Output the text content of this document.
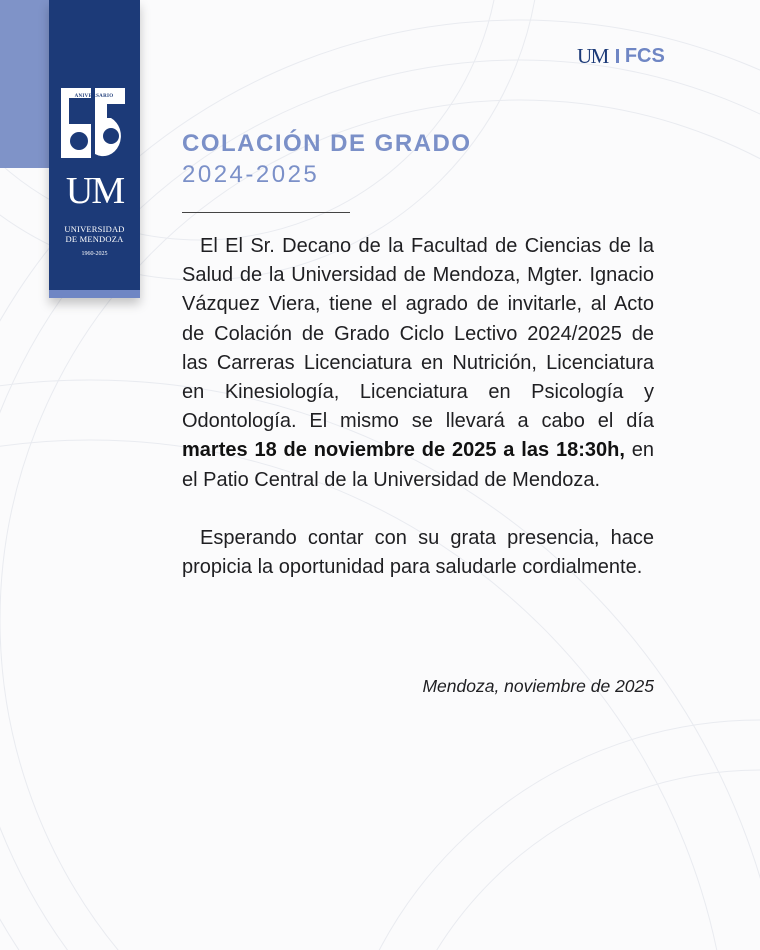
ANIVERSARIO
UM
UNIVERSIDAD
DE MENDOZA
1960-2025
UM FCS
COLACIÓN DE GRADO
2024-2025

El El Sr. Decano de la Facultad de Ciencias de la Salud de la Universidad de Mendoza, Mgter. Ignacio Vázquez Viera, tiene el agrado de invitarle, al Acto de Colación de Grado Ciclo Lectivo 2024/2025 de las Carreras Licenciatura en Nutrición, Licenciatura en Kinesiología, Licenciatura en Psicología y Odontología. El mismo se llevará a cabo el día martes 18 de noviembre de 2025 a las 18:30h, en el Patio Central de la Universidad de Mendoza.

Esperando contar con su grata presencia, hace propicia la oportunidad para saludarle cordialmente.

Mendoza, noviembre de 2025
